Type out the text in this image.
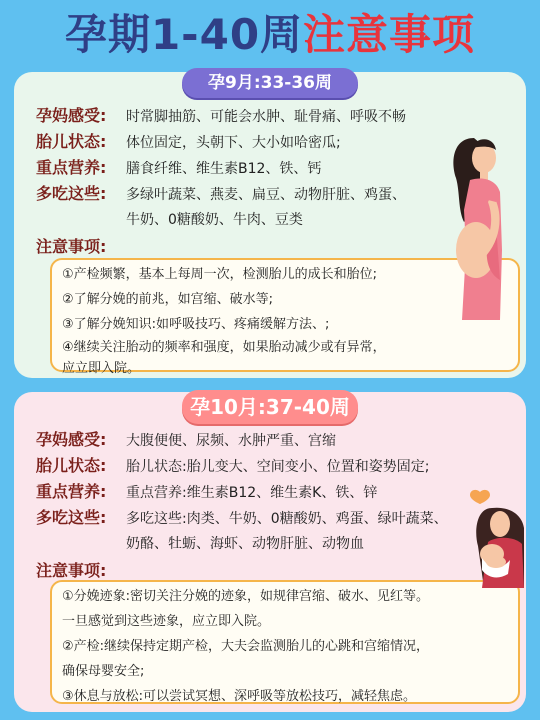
孕期1-40周注意事项
孕9月:33-36周
孕妈感受: 时常脚抽筋、可能会水肿、耻骨痛、呼吸不畅
胎儿状态: 体位固定，头朝下、大小如哈密瓜;
重点营养: 膳食纤维、维生素B12、铁、钙
多吃这些: 多绿叶蔬菜、燕麦、扁豆、动物肝脏、鸡蛋、
牛奶、0糖酸奶、牛肉、豆类
注意事项:

①产检频繁，基本上每周一次，检测胎儿的成长和胎位;

②了解分娩的前兆，如宫缩、破水等;

③了解分娩知识:如呼吸技巧、疼痛缓解方法、;

④继续关注胎动的频率和强度，如果胎动减少或有异常，

应立即入院。

孕10月:37-40周
孕妈感受: 大腹便便、尿频、水肿严重、宫缩
胎儿状态: 胎儿状态:胎儿变大、空间变小、位置和姿势固定;
重点营养: 重点营养:维生素B12、维生素K、铁、锌
多吃这些: 多吃这些:肉类、牛奶、0糖酸奶、鸡蛋、绿叶蔬菜、
奶酪、牡蛎、海虾、动物肝脏、动物血
注意事项:

①分娩迹象:密切关注分娩的迹象，如规律宫缩、破水、见红等。

一旦感觉到这些迹象，应立即入院。

②产检:继续保持定期产检，大夫会监测胎儿的心跳和宫缩情况，

确保母婴安全;

③休息与放松:可以尝试冥想、深呼吸等放松技巧，减轻焦虑。
